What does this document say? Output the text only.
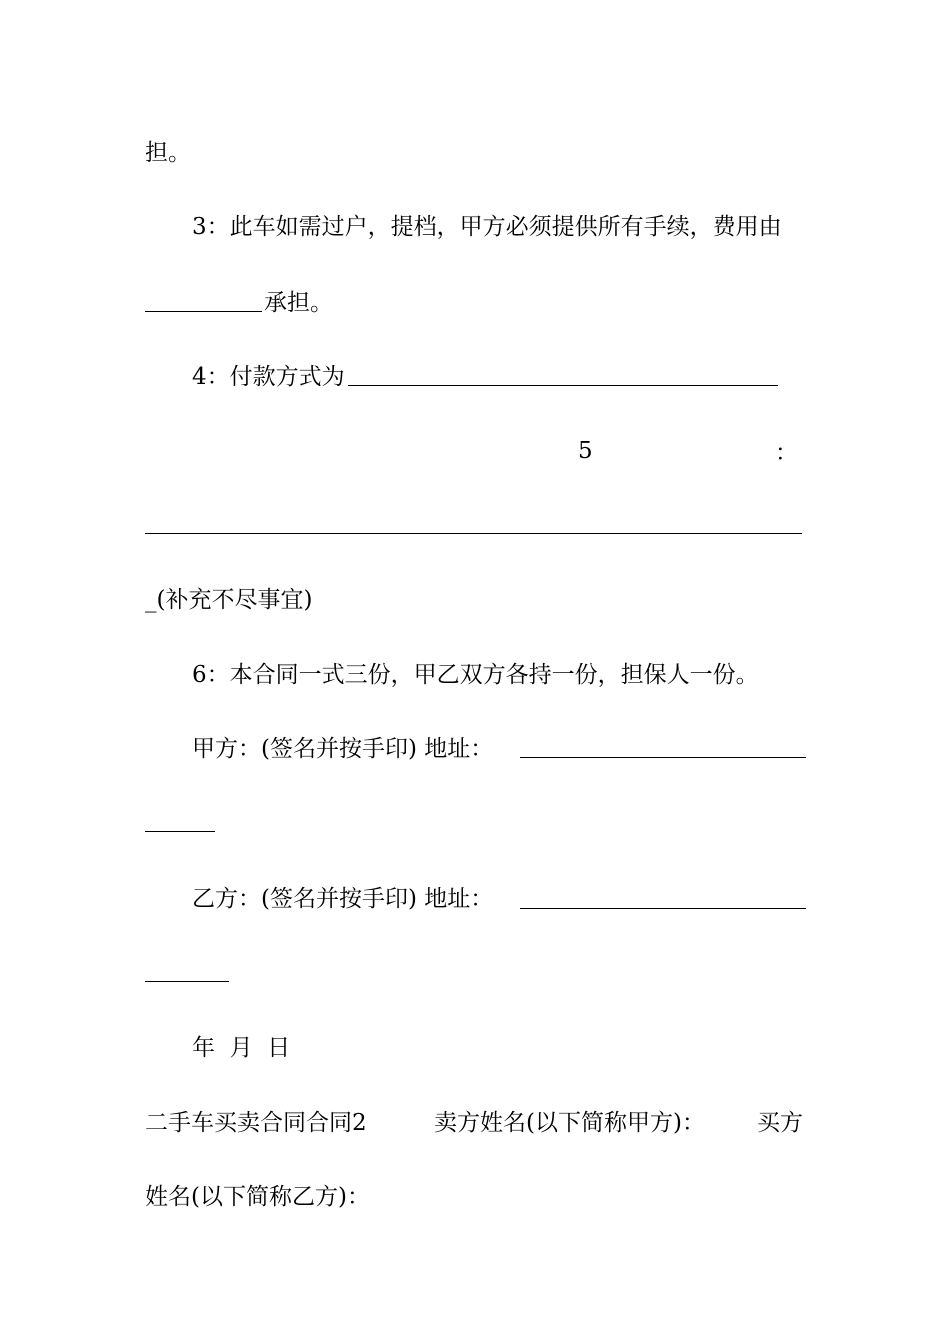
担。
3：此车如需过户，提档，甲方必须提供所有手续，费用由
承担。
4：付款方式为
5	：
_(补充不尽事宜)
6：本合同一式三份，甲乙双方各持一份，担保人一份。
甲方：(签名并按手印) 地址：
乙方：(签名并按手印) 地址：
年  月  日
二手车买卖合同合同2	卖方姓名(以下简称甲方)： 买方
姓名(以下简称乙方)：
